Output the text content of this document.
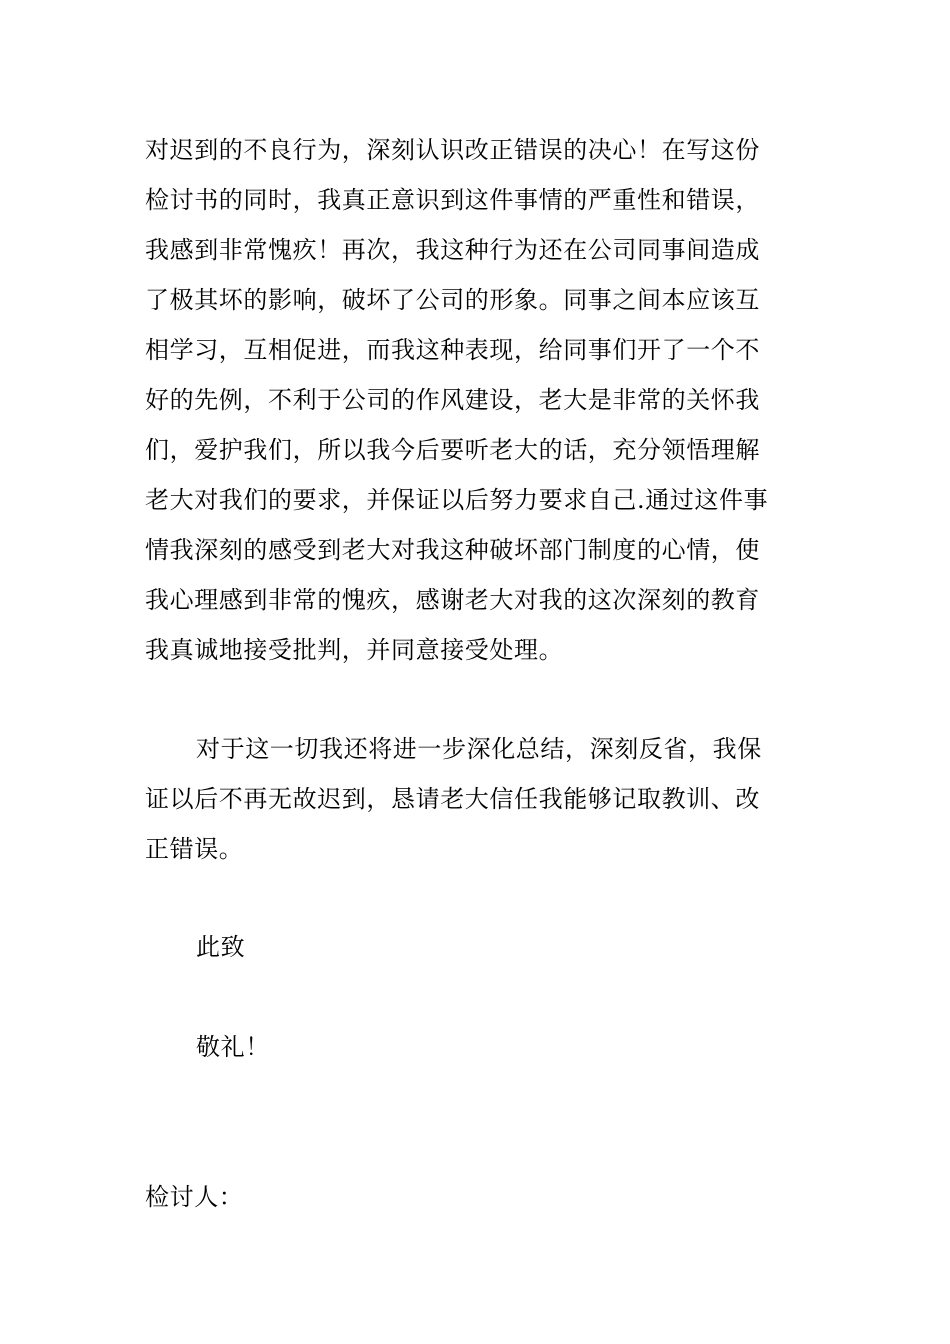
对迟到的不良行为，深刻认识改正错误的决心！在写这份
检讨书的同时，我真正意识到这件事情的严重性和错误，
我感到非常愧疚！再次，我这种行为还在公司同事间造成
了极其坏的影响，破坏了公司的形象。同事之间本应该互
相学习，互相促进，而我这种表现，给同事们开了一个不
好的先例，不利于公司的作风建设，老大是非常的关怀我
们，爱护我们，所以我今后要听老大的话，充分领悟理解
老大对我们的要求，并保证以后努力要求自己.通过这件事
情我深刻的感受到老大对我这种破坏部门制度的心情，使
我心理感到非常的愧疚，感谢老大对我的这次深刻的教育
我真诚地接受批判，并同意接受处理。
对于这一切我还将进一步深化总结，深刻反省，我保
证以后不再无故迟到，恳请老大信任我能够记取教训、改
正错误。
此致
敬礼！
检讨人：
